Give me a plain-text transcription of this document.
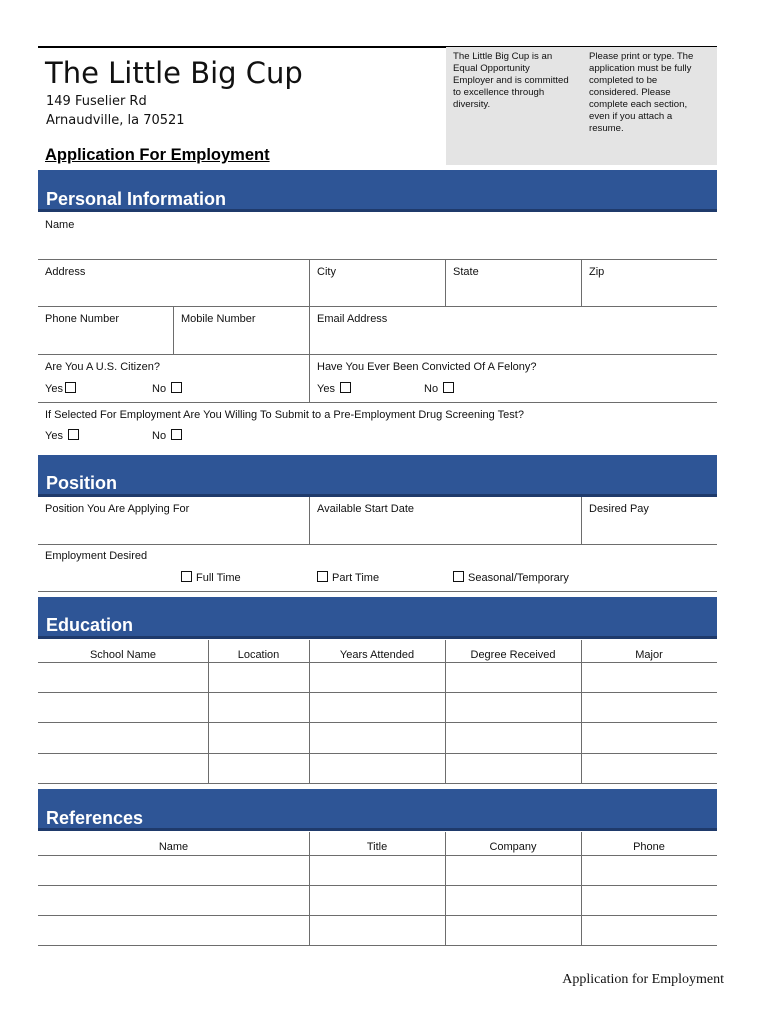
The Little Big Cup
149 Fuselier Rd
Arnaudville, la 70521
Application For Employment
The Little Big Cup is an
Equal Opportunity
Employer and is committed
to excellence through
diversity.
Please print or type. The
application must be fully
completed to be
considered. Please
complete each section,
even if you attach a
resume.
Personal Information
Name
Address	City	State	Zip
Phone Number	Mobile Number	Email Address
Are You A U.S. Citizen?	Have You Ever Been Convicted Of A Felony?
Yes	No	Yes	No
If Selected For Employment Are You Willing To Submit to a Pre-Employment Drug Screening Test?
Yes	No
Position
Position You Are Applying For	Available Start Date	Desired Pay
Employment Desired
Full Time	Part Time	Seasonal/Temporary
Education
School Name	Location	Years Attended	Degree Received	Major
References
Name	Title	Company	Phone
Application for Employment
